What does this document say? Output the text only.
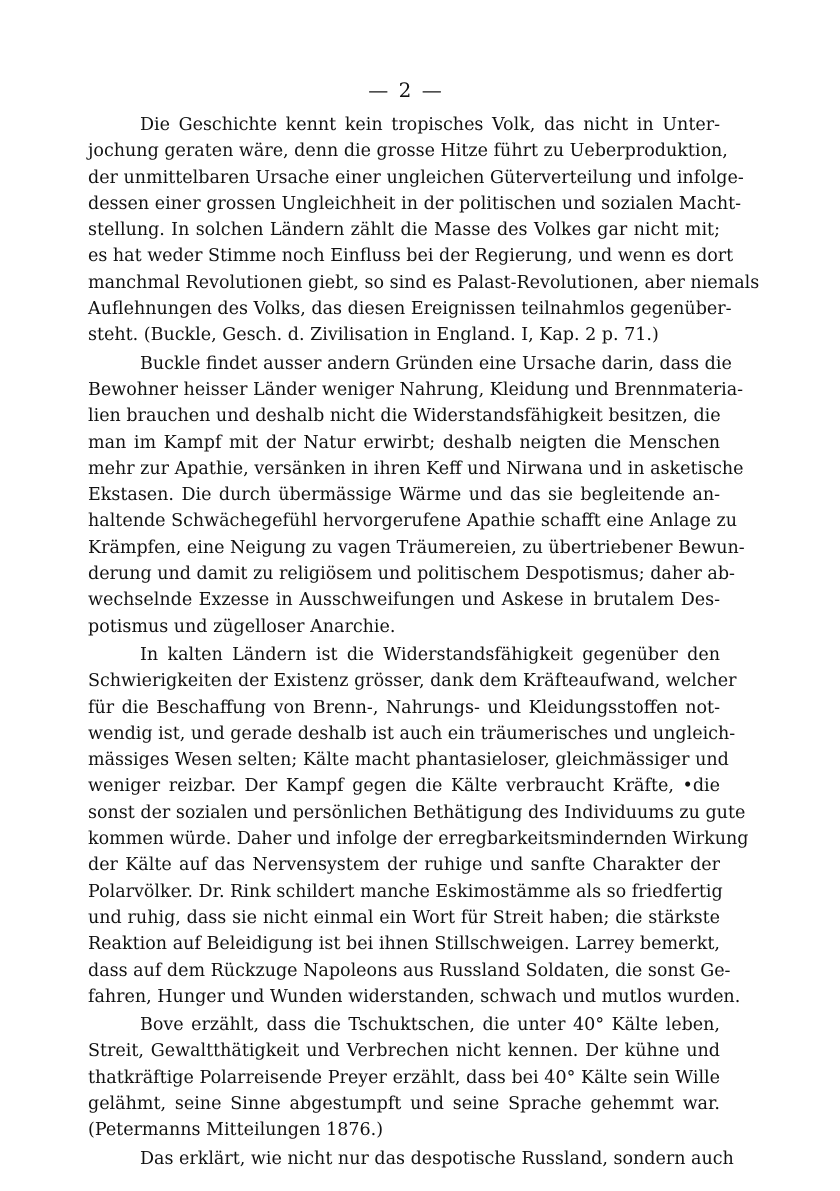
— 2 —
Die Geschichte kennt kein tropisches Volk, das nicht in Unter-
jochung geraten wäre, denn die grosse Hitze führt zu Ueberproduktion,
der unmittelbaren Ursache einer ungleichen Güterverteilung und infolge-
dessen einer grossen Ungleichheit in der politischen und sozialen Macht-
stellung. In solchen Ländern zählt die Masse des Volkes gar nicht mit;
es hat weder Stimme noch Einfluss bei der Regierung, und wenn es dort
manchmal Revolutionen giebt, so sind es Palast-Revolutionen, aber niemals
Auflehnungen des Volks, das diesen Ereignissen teilnahmlos gegenüber-
steht. (Buckle, Gesch. d. Zivilisation in England. I, Kap. 2 p. 71.)
Buckle findet ausser andern Gründen eine Ursache darin, dass die
Bewohner heisser Länder weniger Nahrung, Kleidung und Brennmateria-
lien brauchen und deshalb nicht die Widerstandsfähigkeit besitzen, die
man im Kampf mit der Natur erwirbt; deshalb neigten die Menschen
mehr zur Apathie, versänken in ihren Keff und Nirwana und in asketische
Ekstasen. Die durch übermässige Wärme und das sie begleitende an-
haltende Schwächegefühl hervorgerufene Apathie schafft eine Anlage zu
Krämpfen, eine Neigung zu vagen Träumereien, zu übertriebener Bewun-
derung und damit zu religiösem und politischem Despotismus; daher ab-
wechselnde Exzesse in Ausschweifungen und Askese in brutalem Des-
potismus und zügelloser Anarchie.
In kalten Ländern ist die Widerstandsfähigkeit gegenüber den
Schwierigkeiten der Existenz grösser, dank dem Kräfteaufwand, welcher
für die Beschaffung von Brenn-, Nahrungs- und Kleidungsstoffen not-
wendig ist, und gerade deshalb ist auch ein träumerisches und ungleich-
mässiges Wesen selten; Kälte macht phantasieloser, gleichmässiger und
weniger reizbar. Der Kampf gegen die Kälte verbraucht Kräfte, •die
sonst der sozialen und persönlichen Bethätigung des Individuums zu gute
kommen würde. Daher und infolge der erregbarkeitsmindernden Wirkung
der Kälte auf das Nervensystem der ruhige und sanfte Charakter der
Polarvölker. Dr. Rink schildert manche Eskimostämme als so friedfertig
und ruhig, dass sie nicht einmal ein Wort für Streit haben; die stärkste
Reaktion auf Beleidigung ist bei ihnen Stillschweigen. Larrey bemerkt,
dass auf dem Rückzuge Napoleons aus Russland Soldaten, die sonst Ge-
fahren, Hunger und Wunden widerstanden, schwach und mutlos wurden.
Bove erzählt, dass die Tschuktschen, die unter 40° Kälte leben,
Streit, Gewaltthätigkeit und Verbrechen nicht kennen. Der kühne und
thatkräftige Polarreisende Preyer erzählt, dass bei 40° Kälte sein Wille
gelähmt, seine Sinne abgestumpft und seine Sprache gehemmt war.
(Petermanns Mitteilungen 1876.)
Das erklärt, wie nicht nur das despotische Russland, sondern auch
